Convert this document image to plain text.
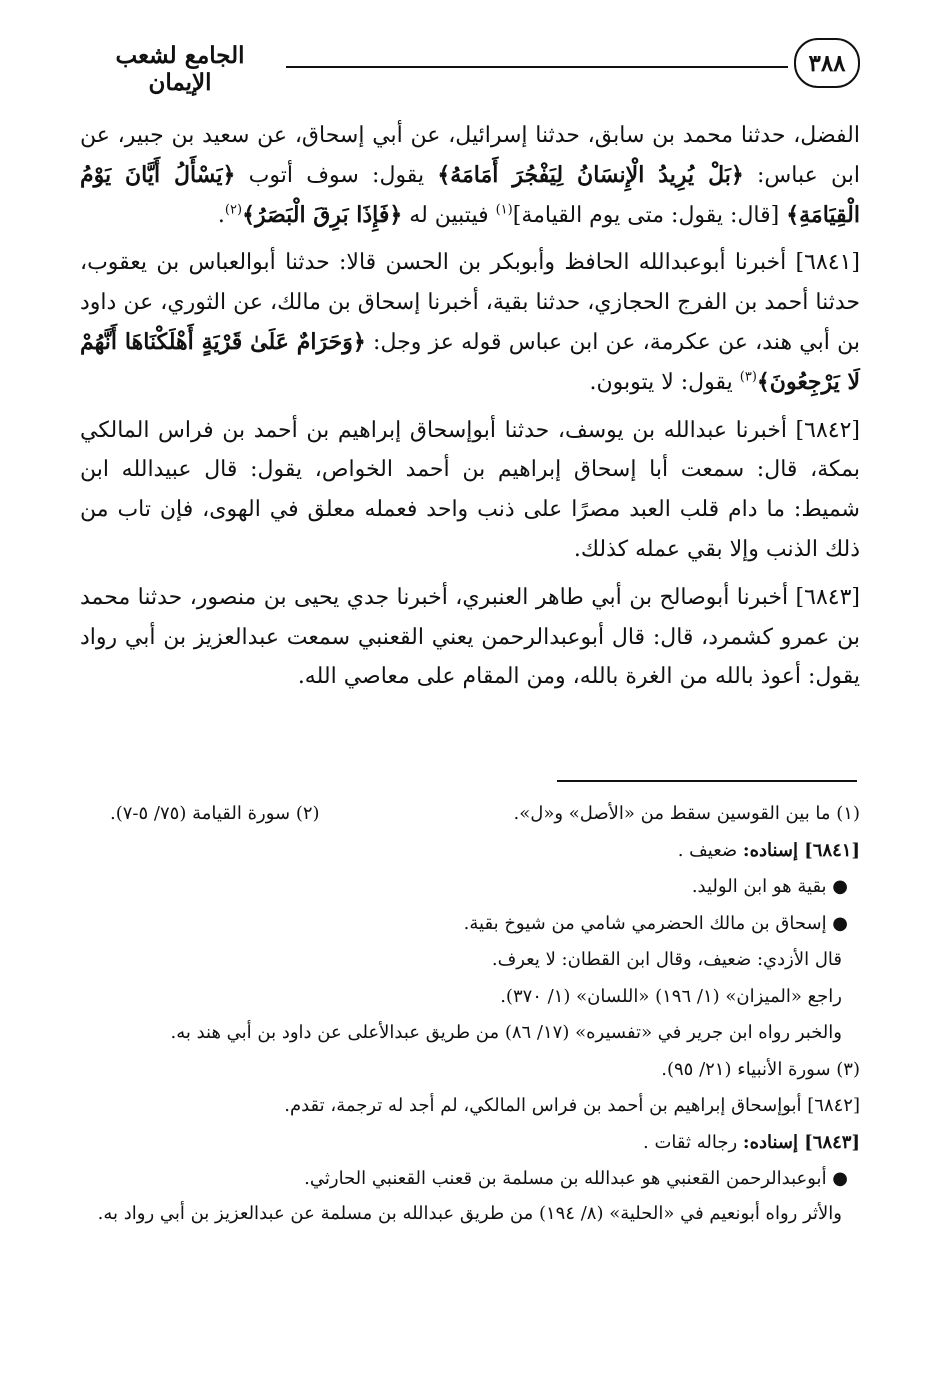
٣٨٨
الجامع لشعب الإيمان

الفضل، حدثنا محمد بن سابق، حدثنا إسرائيل، عن أبي إسحاق، عن سعيد بن جبير، عن ابن عباس: ﴿بَلْ يُرِيدُ الْإِنسَانُ لِيَفْجُرَ أَمَامَهُ﴾ يقول: سوف أتوب ﴿يَسْأَلُ أَيَّانَ يَوْمُ الْقِيَامَةِ﴾ [قال: يقول: متى يوم القيامة]$^{(١)}$ فيتبين له ﴿فَإِذَا بَرِقَ الْبَصَرُ﴾$^{(٢)}$.

[٦٨٤١] أخبرنا أبوعبدالله الحافظ وأبوبكر بن الحسن قالا: حدثنا أبوالعباس بن يعقوب، حدثنا أحمد بن الفرج الحجازي، حدثنا بقية، أخبرنا إسحاق بن مالك، عن الثوري، عن داود بن أبي هند، عن عكرمة، عن ابن عباس قوله عز وجل: ﴿وَحَرَامٌ عَلَىٰ قَرْيَةٍ أَهْلَكْنَاهَا أَنَّهُمْ لَا يَرْجِعُونَ﴾$^{(٣)}$ يقول: لا يتوبون.

[٦٨٤٢] أخبرنا عبدالله بن يوسف، حدثنا أبوإسحاق إبراهيم بن أحمد بن فراس المالكي بمكة، قال: سمعت أبا إسحاق إبراهيم بن أحمد الخواص، يقول: قال عبيدالله ابن شميط: ما دام قلب العبد مصرًا على ذنب واحد فعمله معلق في الهوى، فإن تاب من ذلك الذنب وإلا بقي عمله كذلك.

[٦٨٤٣] أخبرنا أبوصالح بن أبي طاهر العنبري، أخبرنا جدي يحيى بن منصور، حدثنا محمد بن عمرو كشمرد، قال: قال أبوعبدالرحمن يعني القعنبي سمعت عبدالعزيز بن أبي رواد يقول: أعوذ بالله من الغرة بالله، ومن المقام على معاصي الله.

(١) ما بين القوسين سقط من «الأصل» و«ل».
(٢) سورة القيامة (٧٥/ ٥-٧).
[٦٨٤١] إسناده: ضعيف .
● بقية هو ابن الوليد.
● إسحاق بن مالك الحضرمي شامي من شيوخ بقية.
قال الأزدي: ضعيف، وقال ابن القطان: لا يعرف.
راجع «الميزان» (١/ ١٩٦) «اللسان» (١/ ٣٧٠).
والخبر رواه ابن جرير في «تفسيره» (١٧/ ٨٦) من طريق عبدالأعلى عن داود بن أبي هند به.
(٣) سورة الأنبياء (٢١/ ٩٥).
[٦٨٤٢] أبوإسحاق إبراهيم بن أحمد بن فراس المالكي، لم أجد له ترجمة، تقدم.
[٦٨٤٣] إسناده: رجاله ثقات .
● أبوعبدالرحمن القعنبي هو عبدالله بن مسلمة بن قعنب القعنبي الحارثي.
والأثر رواه أبونعيم في «الحلية» (٨/ ١٩٤) من طريق عبدالله بن مسلمة عن عبدالعزيز بن أبي رواد به.
